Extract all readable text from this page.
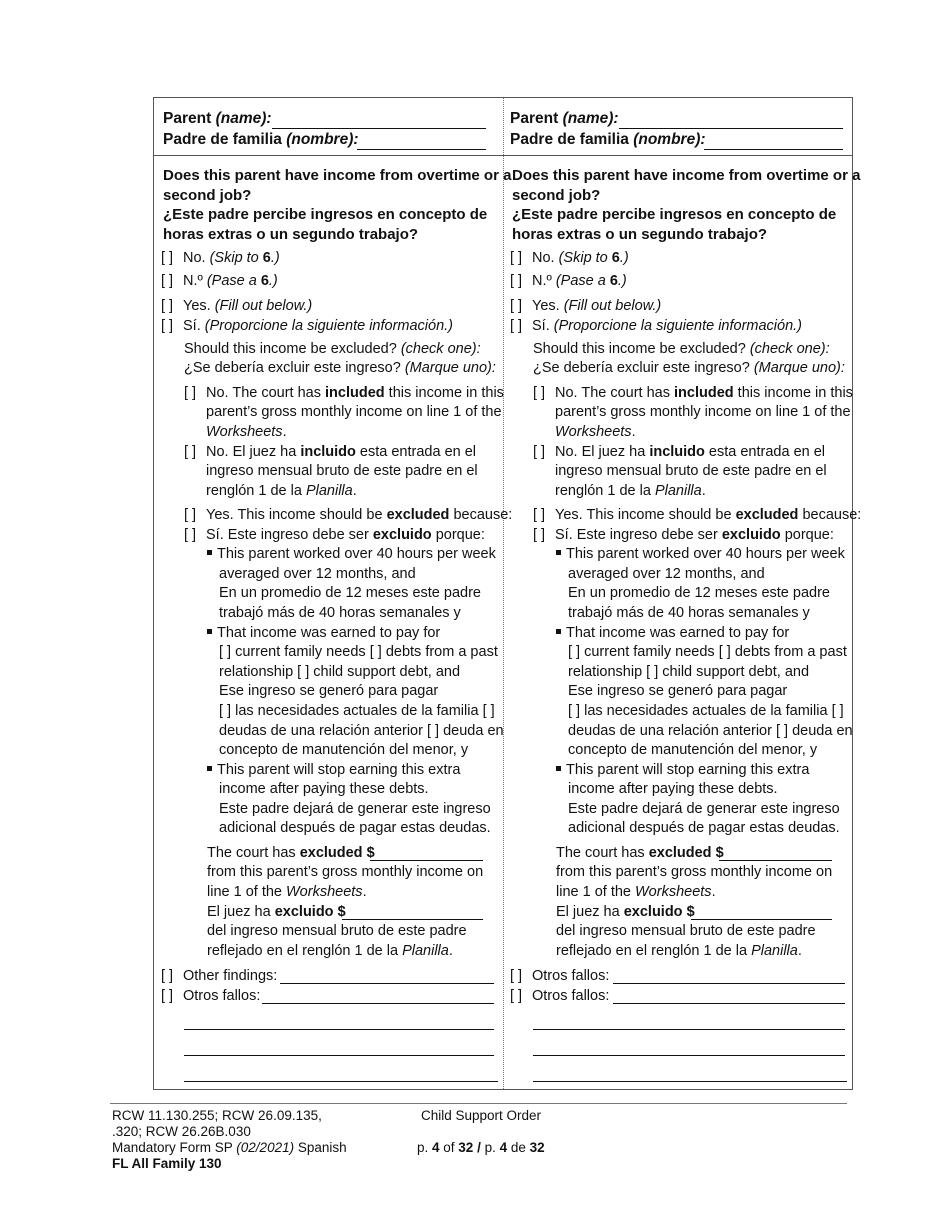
Parent (name):
Padre de familia (nombre):
Does this parent have income from overtime or a
second job?
¿Este padre percibe ingresos en concepto de
horas extras o un segundo trabajo?
[ ] No. (Skip to 6.)
[ ] N.º (Pase a 6.)
[ ] Yes. (Fill out below.)
[ ] Sí. (Proporcione la siguiente información.)
Should this income be excluded? (check one):
¿Se debería excluir este ingreso? (Marque uno):
[ ] No. The court has included this income in this
parent’s gross monthly income on line 1 of the
Worksheets.
[ ] No. El juez ha incluido esta entrada en el
ingreso mensual bruto de este padre en el
renglón 1 de la Planilla.
[ ] Yes. This income should be excluded because:
[ ] Sí. Este ingreso debe ser excluido porque:
This parent worked over 40 hours per week
averaged over 12 months, and
En un promedio de 12 meses este padre
trabajó más de 40 horas semanales y
That income was earned to pay for
[ ] current family needs [ ] debts from a past
relationship [ ] child support debt, and
Ese ingreso se generó para pagar
[ ] las necesidades actuales de la familia [ ]
deudas de una relación anterior [ ] deuda en
concepto de manutención del menor, y
This parent will stop earning this extra
income after paying these debts.
Este padre dejará de generar este ingreso
adicional después de pagar estas deudas.
The court has excluded $
from this parent’s gross monthly income on
line 1 of the Worksheets.
El juez ha excluido $
del ingreso mensual bruto de este padre
reflejado en el renglón 1 de la Planilla.
[ ] Other findings:
[ ] Otros fallos:
Parent (name):
Padre de familia (nombre):
Does this parent have income from overtime or a
second job?
¿Este padre percibe ingresos en concepto de
horas extras o un segundo trabajo?
[ ] No. (Skip to 6.)
[ ] N.º (Pase a 6.)
[ ] Yes. (Fill out below.)
[ ] Sí. (Proporcione la siguiente información.)
Should this income be excluded? (check one):
¿Se debería excluir este ingreso? (Marque uno):
[ ] No. The court has included this income in this
parent’s gross monthly income on line 1 of the
Worksheets.
[ ] No. El juez ha incluido esta entrada en el
ingreso mensual bruto de este padre en el
renglón 1 de la Planilla.
[ ] Yes. This income should be excluded because:
[ ] Sí. Este ingreso debe ser excluido porque:
This parent worked over 40 hours per week
averaged over 12 months, and
En un promedio de 12 meses este padre
trabajó más de 40 horas semanales y
That income was earned to pay for
[ ] current family needs [ ] debts from a past
relationship [ ] child support debt, and
Ese ingreso se generó para pagar
[ ] las necesidades actuales de la familia [ ]
deudas de una relación anterior [ ] deuda en
concepto de manutención del menor, y
This parent will stop earning this extra
income after paying these debts.
Este padre dejará de generar este ingreso
adicional después de pagar estas deudas.
The court has excluded $
from this parent’s gross monthly income on
line 1 of the Worksheets.
El juez ha excluido $
del ingreso mensual bruto de este padre
reflejado en el renglón 1 de la Planilla.
[ ] Otros fallos:
[ ] Otros fallos:
RCW 11.130.255; RCW 26.09.135,
.320; RCW 26.26B.030
Mandatory Form SP (02/2021) Spanish
FL All Family 130
Child Support Order
p. 4 of 32 / p. 4 de 32
